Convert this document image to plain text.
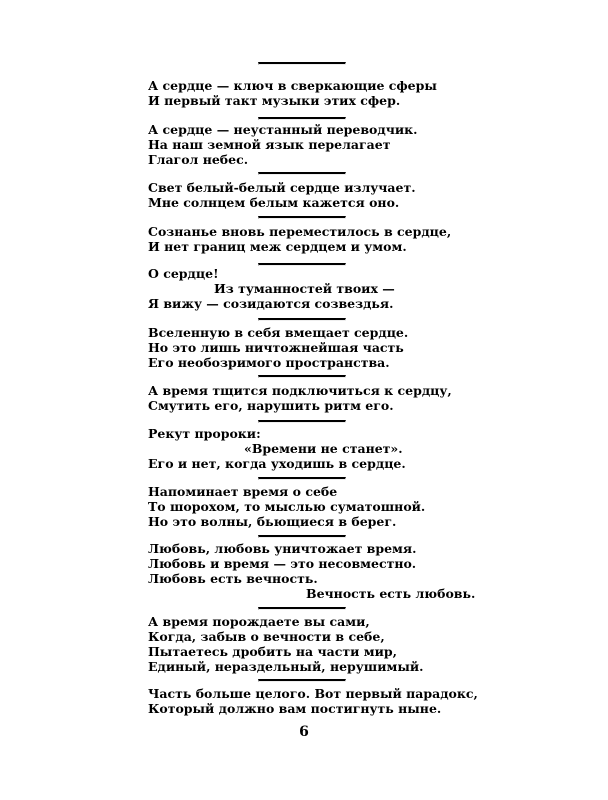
А сердце — ключ в сверкающие сферы
И первый такт музыки этих сфер.
А сердце — неустанный переводчик.
На наш земной язык перелагает
Глагол небес.
Свет белый-белый сердце излучает.
Мне солнцем белым кажется оно.
Сознанье вновь переместилось в сердце,
И нет границ меж сердцем и умом.
О сердце!
Из туманностей твоих —
Я вижу — созидаются созвездья.
Вселенную в себя вмещает сердце.
Но это лишь ничтожнейшая часть
Его необозримого пространства.
А время тщится подключиться к сердцу,
Смутить его, нарушить ритм его.
Рекут пророки:
«Времени не станет».
Его и нет, когда уходишь в сердце.
Напоминает время о себе
То шорохом, то мыслью суматошной.
Но это волны, бьющиеся в берег.
Любовь, любовь уничтожает время.
Любовь и время — это несовместно.
Любовь есть вечность.
Вечность есть любовь.
А время порождаете вы сами,
Когда, забыв о вечности в себе,
Пытаетесь дробить на части мир,
Единый, нераздельный, нерушимый.
Часть больше целого. Вот первый парадокс,
Который должно вам постигнуть ныне.
6
